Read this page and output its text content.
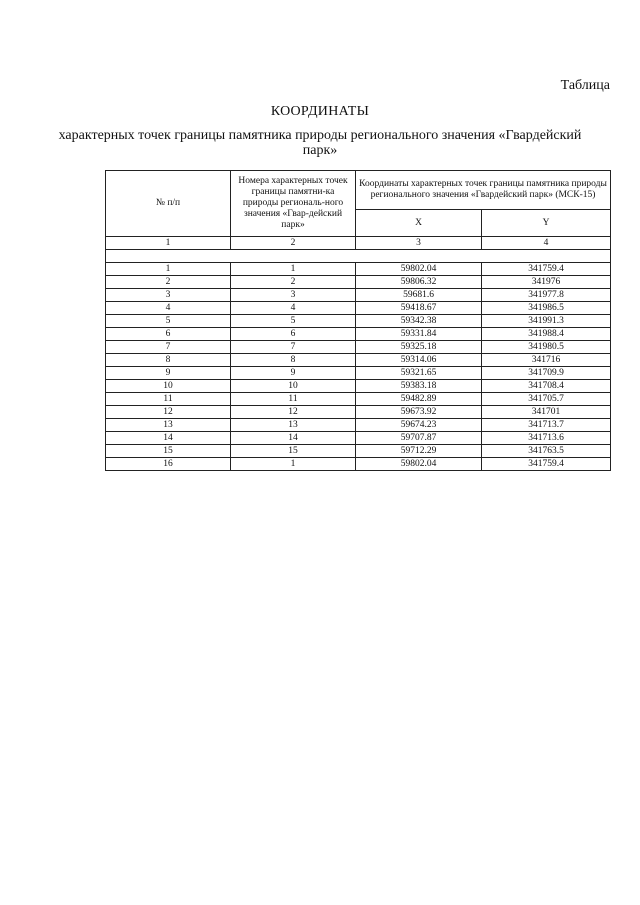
Таблица
КООРДИНАТЫ
характерных точек границы памятника природы регионального значения «Гвардейский парк»
№ п/п	Номера характерных точек границы памятни-ка природы региональ-ного значения «Гвар-дейский парк»	Координаты характерных точек границы памятника природы регионального значения «Гвардейский парк» (МСК-15)	
		X	Y
1	2	3	4

1	1	59802.04	341759.4
2	2	59806.32	341976
3	3	59681.6	341977.8
4	4	59418.67	341986.5
5	5	59342.38	341991.3
6	6	59331.84	341988.4
7	7	59325.18	341980.5
8	8	59314.06	341716
9	9	59321.65	341709.9
10	10	59383.18	341708.4
11	11	59482.89	341705.7
12	12	59673.92	341701
13	13	59674.23	341713.7
14	14	59707.87	341713.6
15	15	59712.29	341763.5
16	1	59802.04	341759.4
